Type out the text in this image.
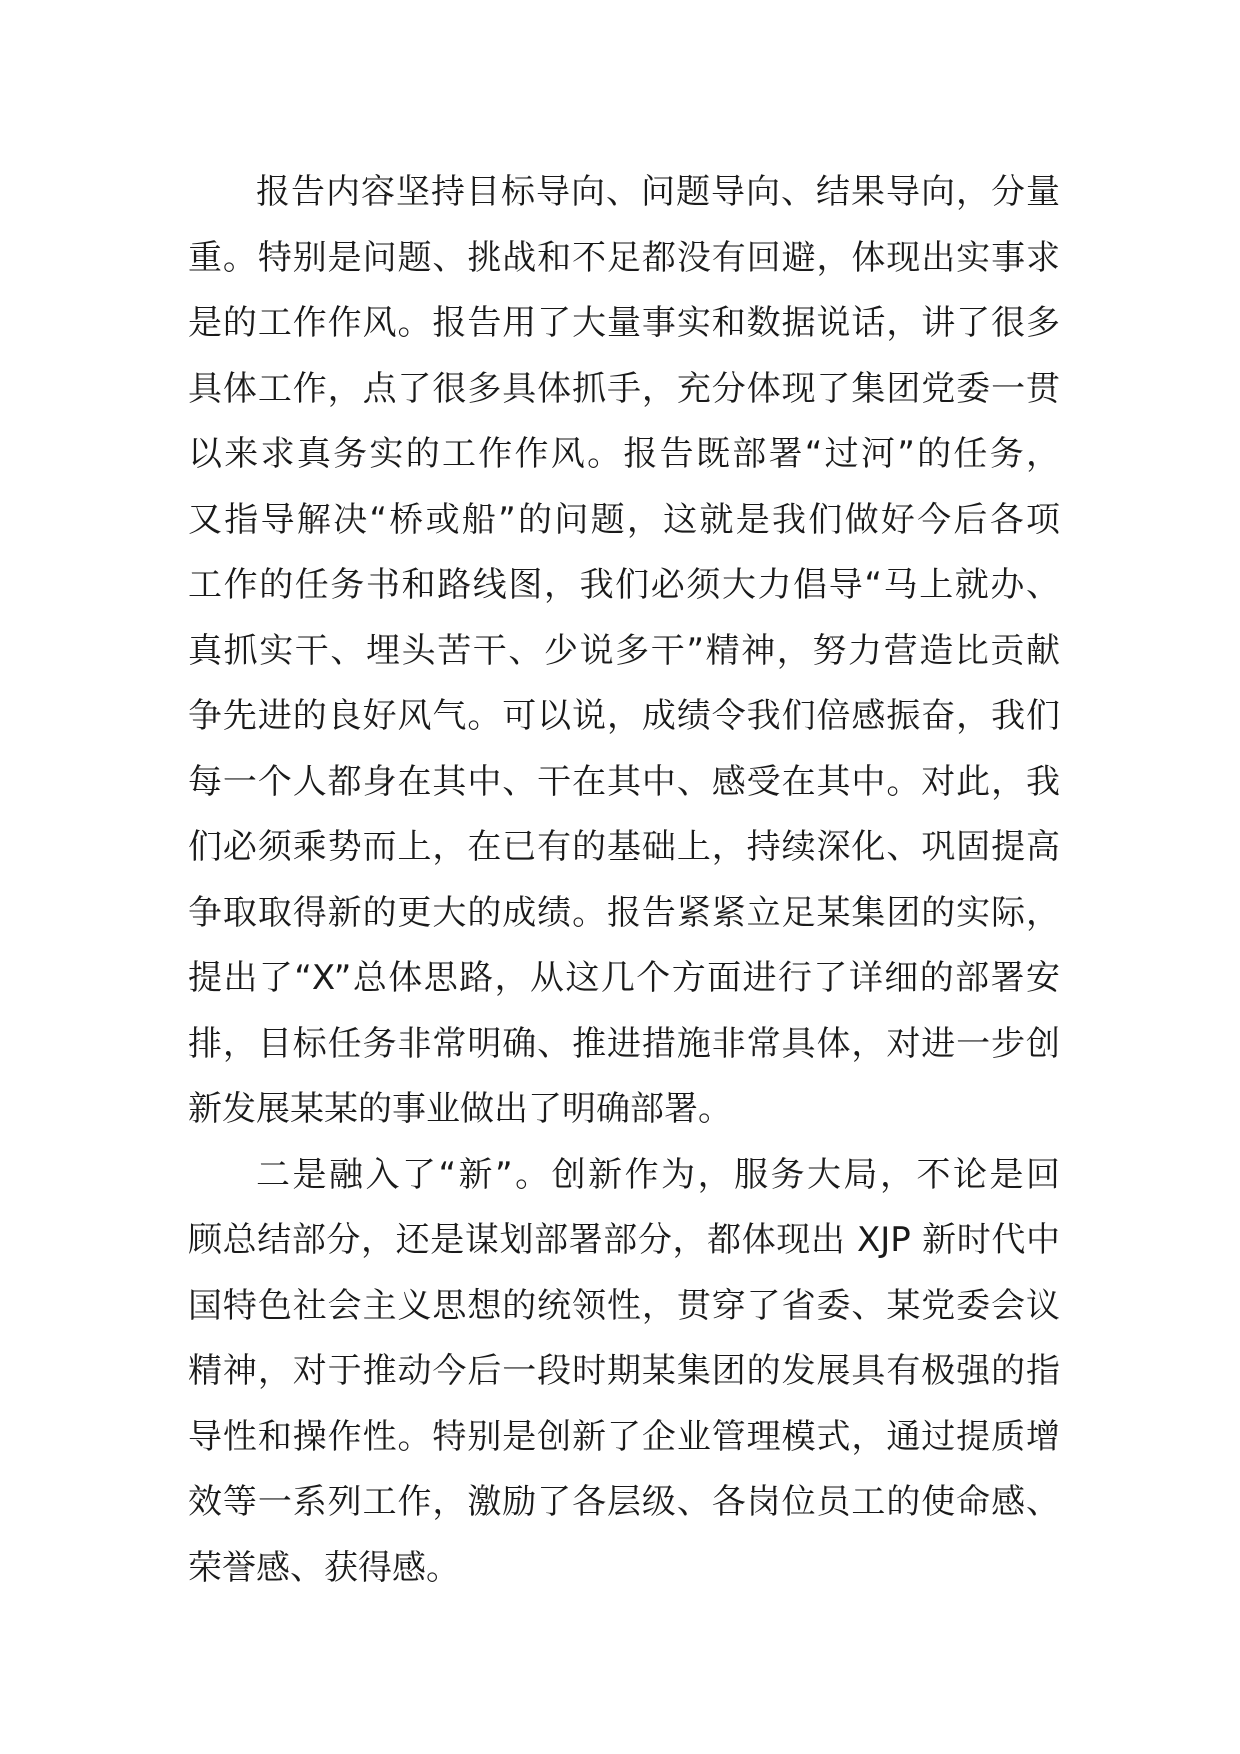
报告内容坚持目标导向、问题导向、结果导向，分量
重。特别是问题、挑战和不足都没有回避，体现出实事求
是的工作作风。报告用了大量事实和数据说话，讲了很多
具体工作，点了很多具体抓手，充分体现了集团党委一贯
以来求真务实的工作作风。报告既部署“过河”的任务，
又指导解决“桥或船”的问题，这就是我们做好今后各项
工作的任务书和路线图，我们必须大力倡导“马上就办、
真抓实干、埋头苦干、少说多干”精神，努力营造比贡献
争先进的良好风气。可以说，成绩令我们倍感振奋，我们
每一个人都身在其中、干在其中、感受在其中。对此，我
们必须乘势而上，在已有的基础上，持续深化、巩固提高
争取取得新的更大的成绩。报告紧紧立足某集团的实际，
提出了“X”总体思路，从这几个方面进行了详细的部署安
排，目标任务非常明确、推进措施非常具体，对进一步创
新发展某某的事业做出了明确部署。
二是融入了“新”。创新作为，服务大局，不论是回
顾总结部分，还是谋划部署部分，都体现出 XJP 新时代中
国特色社会主义思想的统领性，贯穿了省委、某党委会议
精神，对于推动今后一段时期某集团的发展具有极强的指
导性和操作性。特别是创新了企业管理模式，通过提质增
效等一系列工作，激励了各层级、各岗位员工的使命感、
荣誉感、获得感。
